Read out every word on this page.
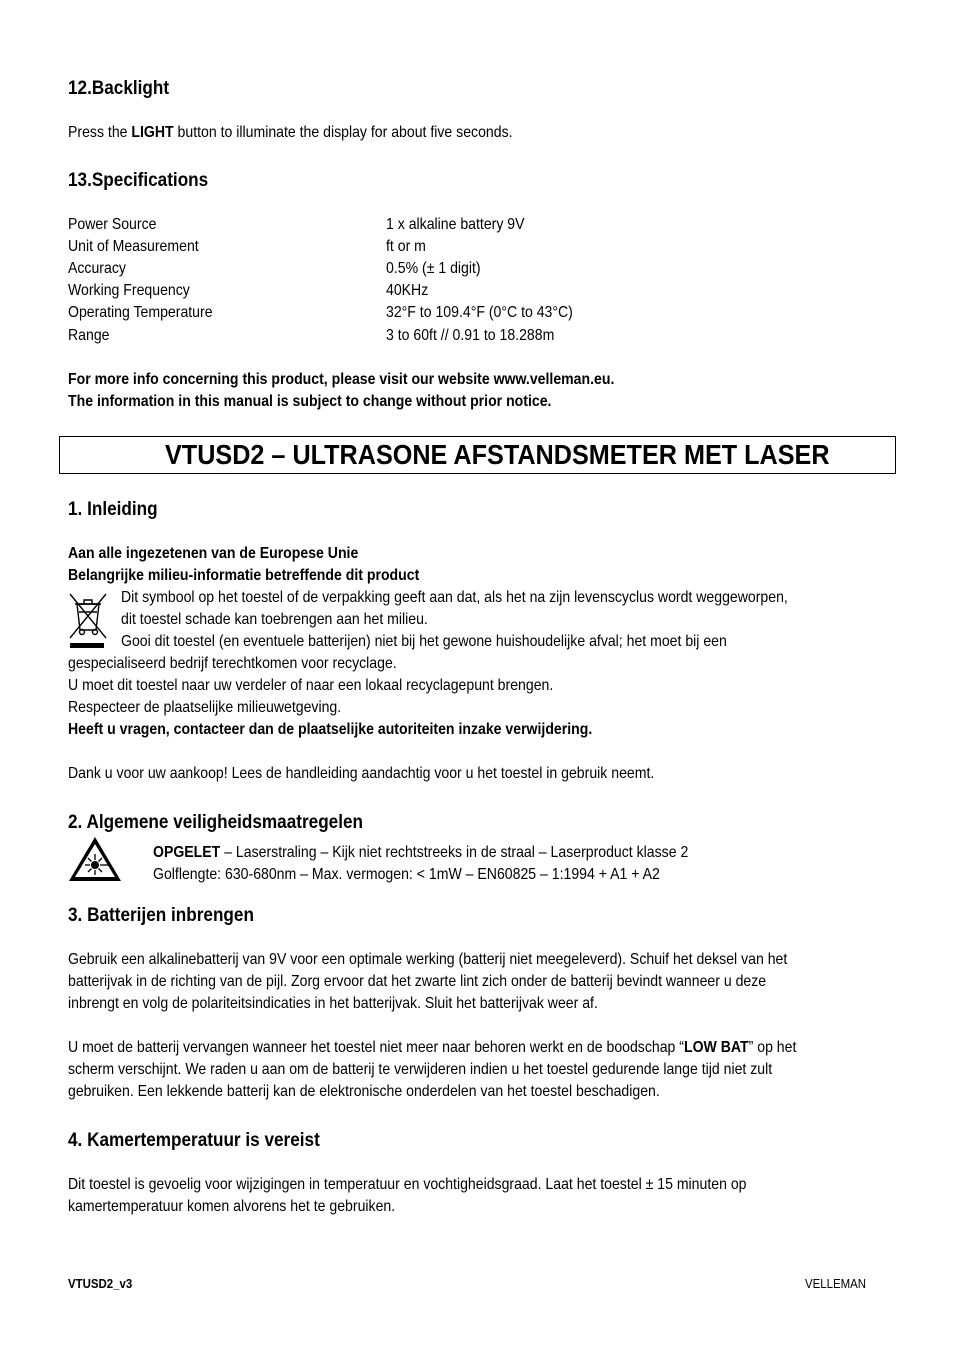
12.Backlight
Press the LIGHT button to illuminate the display for about five seconds.
13.Specifications
Power Source	1 x alkaline battery 9V
Unit of Measurement	ft or m
Accuracy	0.5% (± 1 digit)
Working Frequency	40KHz
Operating Temperature	32°F to 109.4°F (0°C to 43°C)
Range	3 to 60ft // 0.91 to 18.288m
For more info concerning this product, please visit our website www.velleman.eu.
The information in this manual is subject to change without prior notice.
VTUSD2 – ULTRASONE AFSTANDSMETER MET LASER
1. Inleiding
Aan alle ingezetenen van de Europese Unie
Belangrijke milieu-informatie betreffende dit product
Dit symbool op het toestel of de verpakking geeft aan dat, als het na zijn levenscyclus wordt weggeworpen,
dit toestel schade kan toebrengen aan het milieu.
Gooi dit toestel (en eventuele batterijen) niet bij het gewone huishoudelijke afval; het moet bij een
gespecialiseerd bedrijf terechtkomen voor recyclage.
U moet dit toestel naar uw verdeler of naar een lokaal recyclagepunt brengen.
Respecteer de plaatselijke milieuwetgeving.
Heeft u vragen, contacteer dan de plaatselijke autoriteiten inzake verwijdering.
Dank u voor uw aankoop! Lees de handleiding aandachtig voor u het toestel in gebruik neemt.
2. Algemene veiligheidsmaatregelen
OPGELET – Laserstraling – Kijk niet rechtstreeks in de straal – Laserproduct klasse 2
Golflengte: 630-680nm – Max. vermogen: < 1mW – EN60825 – 1:1994 + A1 + A2
3. Batterijen inbrengen
Gebruik een alkalinebatterij van 9V voor een optimale werking (batterij niet meegeleverd). Schuif het deksel van het
batterijvak in de richting van de pijl. Zorg ervoor dat het zwarte lint zich onder de batterij bevindt wanneer u deze
inbrengt en volg de polariteitsindicaties in het batterijvak. Sluit het batterijvak weer af.
U moet de batterij vervangen wanneer het toestel niet meer naar behoren werkt en de boodschap “LOW BAT” op het
scherm verschijnt. We raden u aan om de batterij te verwijderen indien u het toestel gedurende lange tijd niet zult
gebruiken. Een lekkende batterij kan de elektronische onderdelen van het toestel beschadigen.
4. Kamertemperatuur is vereist
Dit toestel is gevoelig voor wijzigingen in temperatuur en vochtigheidsgraad. Laat het toestel ± 15 minuten op
kamertemperatuur komen alvorens het te gebruiken.
VTUSD2_v3	VELLEMAN
